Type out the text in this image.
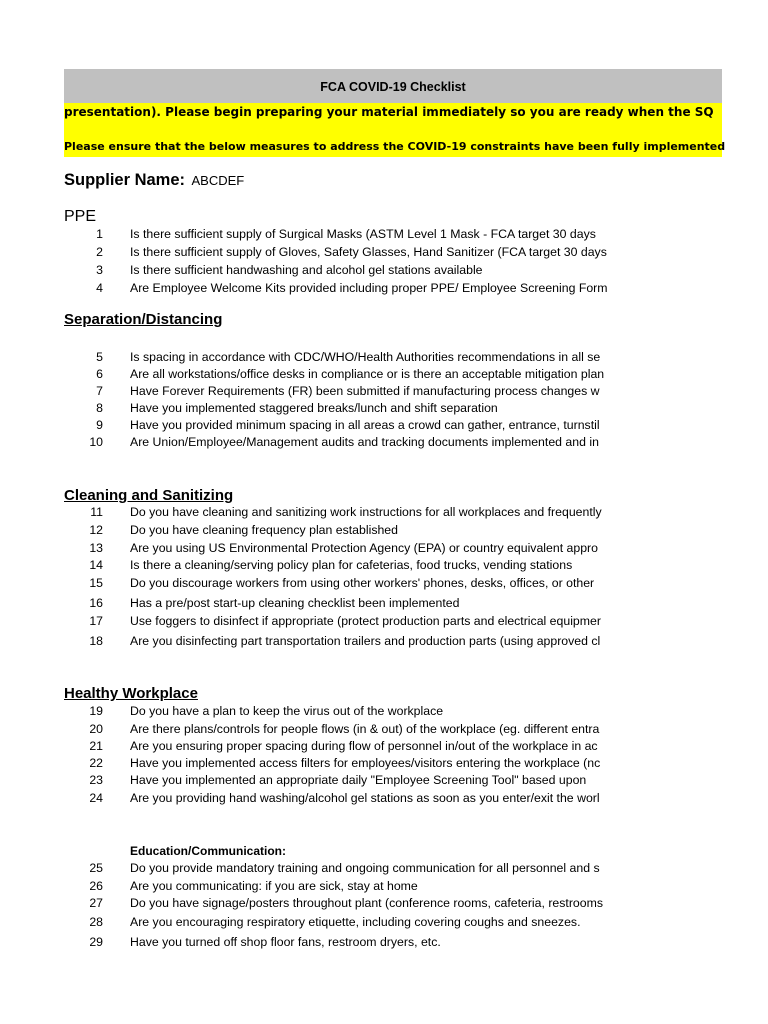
FCA COVID-19 Checklist
presentation). Please begin preparing your material immediately so you are ready when the SQ
Please ensure that the below measures to address the COVID-19 constraints have been fully implemented
Supplier Name: ABCDEF
PPE
Separation/Distancing
Cleaning and Sanitizing
Healthy Workplace
Education/Communication:
1 Is there sufficient supply of Surgical Masks (ASTM Level 1 Mask - FCA target 30 days
2 Is there sufficient supply of Gloves, Safety Glasses, Hand Sanitizer (FCA target 30 days
3 Is there sufficient handwashing and alcohol gel stations available
4 Are Employee Welcome Kits provided including proper PPE/ Employee Screening Form
5 Is spacing in accordance with CDC/WHO/Health Authorities recommendations in all se
6 Are all workstations/office desks in compliance or is there an acceptable mitigation plan
7 Have Forever Requirements (FR) been submitted if manufacturing process changes w
8 Have you implemented staggered breaks/lunch and shift separation
9 Have you provided minimum spacing in all areas a crowd can gather, entrance, turnstil
10 Are Union/Employee/Management audits and tracking documents implemented and in
11 Do you have cleaning and sanitizing work instructions for all workplaces and frequently
12 Do you have cleaning frequency plan established
13 Are you using US Environmental Protection Agency (EPA) or country equivalent appro
14 Is there a cleaning/serving policy plan for cafeterias, food trucks, vending stations
15 Do you discourage workers from using other workers' phones, desks, offices, or other
16 Has a pre/post start-up cleaning checklist been implemented
17 Use foggers to disinfect if appropriate (protect production parts and electrical equipmer
18 Are you disinfecting part transportation trailers and production parts (using approved cl
19 Do you have a plan to keep the virus out of the workplace
20 Are there plans/controls for people flows (in & out) of the workplace (eg. different entra
21 Are you ensuring proper spacing during flow of personnel in/out of the workplace in ac
22 Have you implemented access filters for employees/visitors entering the workplace (nc
23 Have you implemented an appropriate daily "Employee Screening Tool" based upon
24 Are you providing hand washing/alcohol gel stations as soon as you enter/exit the worl
25 Do you provide mandatory training and ongoing communication for all personnel and s
26 Are you communicating: if you are sick, stay at home
27 Do you have signage/posters throughout plant (conference rooms, cafeteria, restrooms
28 Are you encouraging respiratory etiquette, including covering coughs and sneezes.
29 Have you turned off shop floor fans, restroom dryers, etc.
